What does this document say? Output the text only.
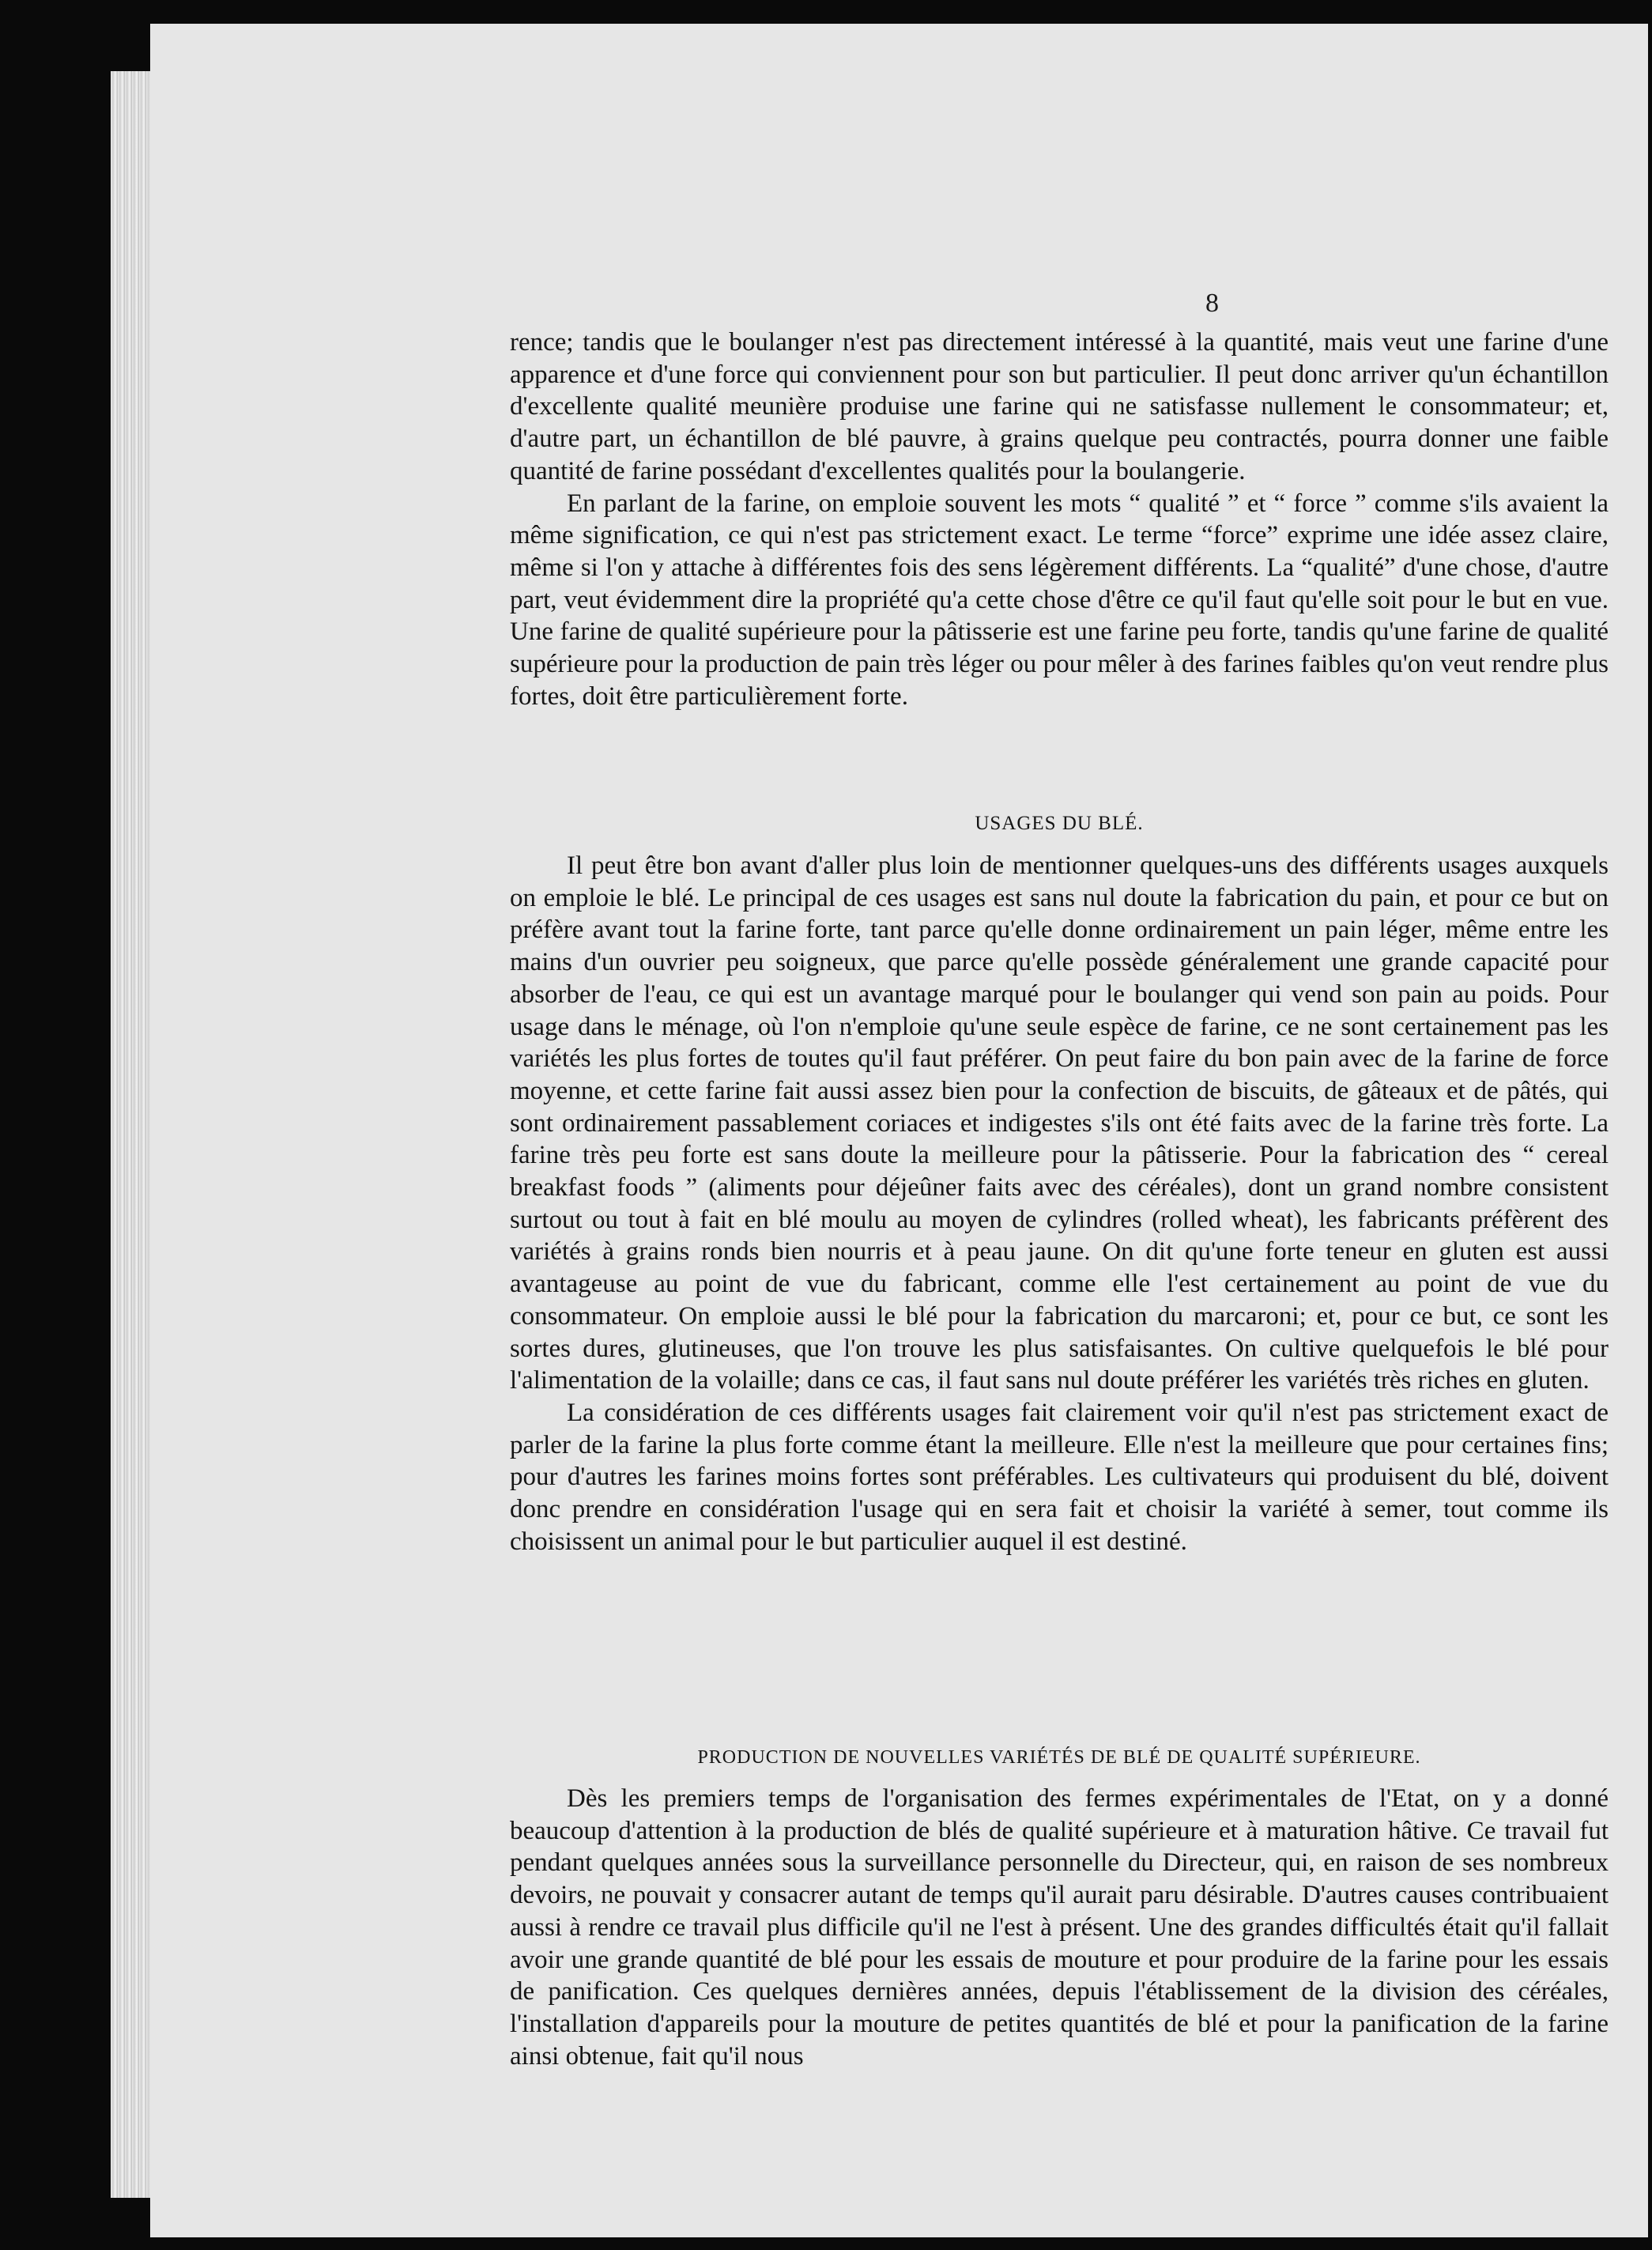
8

rence; tandis que le boulanger n'est pas directement intéressé à la quantité, mais veut une farine d'une apparence et d'une force qui conviennent pour son but particulier. Il peut donc arriver qu'un échantillon d'excellente qualité meunière produise une farine qui ne satisfasse nullement le consommateur; et, d'autre part, un échantillon de blé pauvre, à grains quelque peu contractés, pourra donner une faible quantité de farine possédant d'excellentes qualités pour la boulangerie.

En parlant de la farine, on emploie souvent les mots “ qualité ” et “ force ” comme s'ils avaient la même signification, ce qui n'est pas strictement exact. Le terme “force” exprime une idée assez claire, même si l'on y attache à différentes fois des sens légèrement différents. La “qualité” d'une chose, d'autre part, veut évidemment dire la propriété qu'a cette chose d'être ce qu'il faut qu'elle soit pour le but en vue. Une farine de qualité supérieure pour la pâtisserie est une farine peu forte, tandis qu'une farine de qualité supérieure pour la production de pain très léger ou pour mêler à des farines faibles qu'on veut rendre plus fortes, doit être particulièrement forte.

USAGES DU BLÉ.

Il peut être bon avant d'aller plus loin de mentionner quelques-uns des différents usages auxquels on emploie le blé. Le principal de ces usages est sans nul doute la fabrication du pain, et pour ce but on préfère avant tout la farine forte, tant parce qu'elle donne ordinairement un pain léger, même entre les mains d'un ouvrier peu soigneux, que parce qu'elle possède généralement une grande capacité pour absorber de l'eau, ce qui est un avantage marqué pour le boulanger qui vend son pain au poids. Pour usage dans le ménage, où l'on n'emploie qu'une seule espèce de farine, ce ne sont certainement pas les variétés les plus fortes de toutes qu'il faut préférer. On peut faire du bon pain avec de la farine de force moyenne, et cette farine fait aussi assez bien pour la confection de biscuits, de gâteaux et de pâtés, qui sont ordinairement passablement coriaces et indigestes s'ils ont été faits avec de la farine très forte. La farine très peu forte est sans doute la meilleure pour la pâtisserie. Pour la fabrication des “ cereal breakfast foods ” (aliments pour déjeûner faits avec des céréales), dont un grand nombre consistent surtout ou tout à fait en blé moulu au moyen de cylindres (rolled wheat), les fabricants préfèrent des variétés à grains ronds bien nourris et à peau jaune. On dit qu'une forte teneur en gluten est aussi avantageuse au point de vue du fabricant, comme elle l'est certainement au point de vue du consommateur. On emploie aussi le blé pour la fabrication du marcaroni; et, pour ce but, ce sont les sortes dures, glutineuses, que l'on trouve les plus satisfaisantes. On cultive quelquefois le blé pour l'alimentation de la volaille; dans ce cas, il faut sans nul doute préférer les variétés très riches en gluten.

La considération de ces différents usages fait clairement voir qu'il n'est pas strictement exact de parler de la farine la plus forte comme étant la meilleure. Elle n'est la meilleure que pour certaines fins; pour d'autres les farines moins fortes sont préférables. Les cultivateurs qui produisent du blé, doivent donc prendre en considération l'usage qui en sera fait et choisir la variété à semer, tout comme ils choisissent un animal pour le but particulier auquel il est destiné.

PRODUCTION DE NOUVELLES VARIÉTÉS DE BLÉ DE QUALITÉ SUPÉRIEURE.

Dès les premiers temps de l'organisation des fermes expérimentales de l'Etat, on y a donné beaucoup d'attention à la production de blés de qualité supérieure et à maturation hâtive. Ce travail fut pendant quelques années sous la surveillance personnelle du Directeur, qui, en raison de ses nombreux devoirs, ne pouvait y consacrer autant de temps qu'il aurait paru désirable. D'autres causes contribuaient aussi à rendre ce travail plus difficile qu'il ne l'est à présent. Une des grandes difficultés était qu'il fallait avoir une grande quantité de blé pour les essais de mouture et pour produire de la farine pour les essais de panification. Ces quelques dernières années, depuis l'établissement de la division des céréales, l'installation d'appareils pour la mouture de petites quantités de blé et pour la panification de la farine ainsi obtenue, fait qu'il nous
